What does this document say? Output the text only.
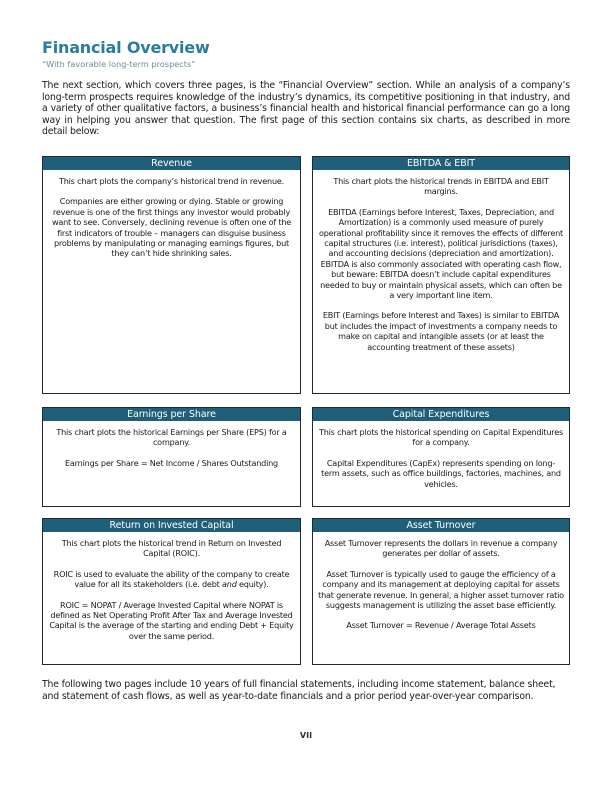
Financial Overview
“With favorable long-term prospects”
The next section, which covers three pages, is the “Financial Overview” section. While an analysis of a company’s long-term prospects requires knowledge of the industry’s dynamics, its competitive positioning in that industry, and a variety of other qualitative factors, a business’s financial health and historical financial performance can go a long way in helping you answer that question. The first page of this section contains six charts, as described in more detail below:
Revenue

This chart plots the company’s historical trend in revenue.

Companies are either growing or dying. Stable or growing revenue is one of the first things any investor would probably want to see. Conversely, declining revenue is often one of the first indicators of trouble – managers can disguise business problems by manipulating or managing earnings figures, but they can’t hide shrinking sales.

EBITDA & EBIT

This chart plots the historical trends in EBITDA and EBIT margins.

EBITDA (Earnings before Interest, Taxes, Depreciation, and Amortization) is a commonly used measure of purely operational profitability since it removes the effects of different capital structures (i.e. interest), political jurisdictions (taxes), and accounting decisions (depreciation and amortization). EBITDA is also commonly associated with operating cash flow, but beware: EBITDA doesn’t include capital expenditures needed to buy or maintain physical assets, which can often be a very important line item.

EBIT (Earnings before Interest and Taxes) is similar to EBITDA but includes the impact of investments a company needs to make on capital and intangible assets (or at least the accounting treatment of these assets)

Earnings per Share

This chart plots the historical Earnings per Share (EPS) for a company.

Earnings per Share = Net Income / Shares Outstanding

Capital Expenditures

This chart plots the historical spending on Capital Expenditures for a company.

Capital Expenditures (CapEx) represents spending on long-term assets, such as office buildings, factories, machines, and vehicles.

Return on Invested Capital

This chart plots the historical trend in Return on Invested Capital (ROIC).

ROIC is used to evaluate the ability of the company to create value for all its stakeholders (i.e. debt and equity).

ROIC = NOPAT / Average Invested Capital where NOPAT is defined as Net Operating Profit After Tax and Average Invested Capital is the average of the starting and ending Debt + Equity over the same period.

Asset Turnover

Asset Turnover represents the dollars in revenue a company generates per dollar of assets.

Asset Turnover is typically used to gauge the efficiency of a company and its management at deploying capital for assets that generate revenue. In general, a higher asset turnover ratio suggests management is utilizing the asset base efficiently.

Asset Turnover = Revenue / Average Total Assets

The following two pages include 10 years of full financial statements, including income statement, balance sheet, and statement of cash flows, as well as year-to-date financials and a prior period year-over-year comparison.
VII
